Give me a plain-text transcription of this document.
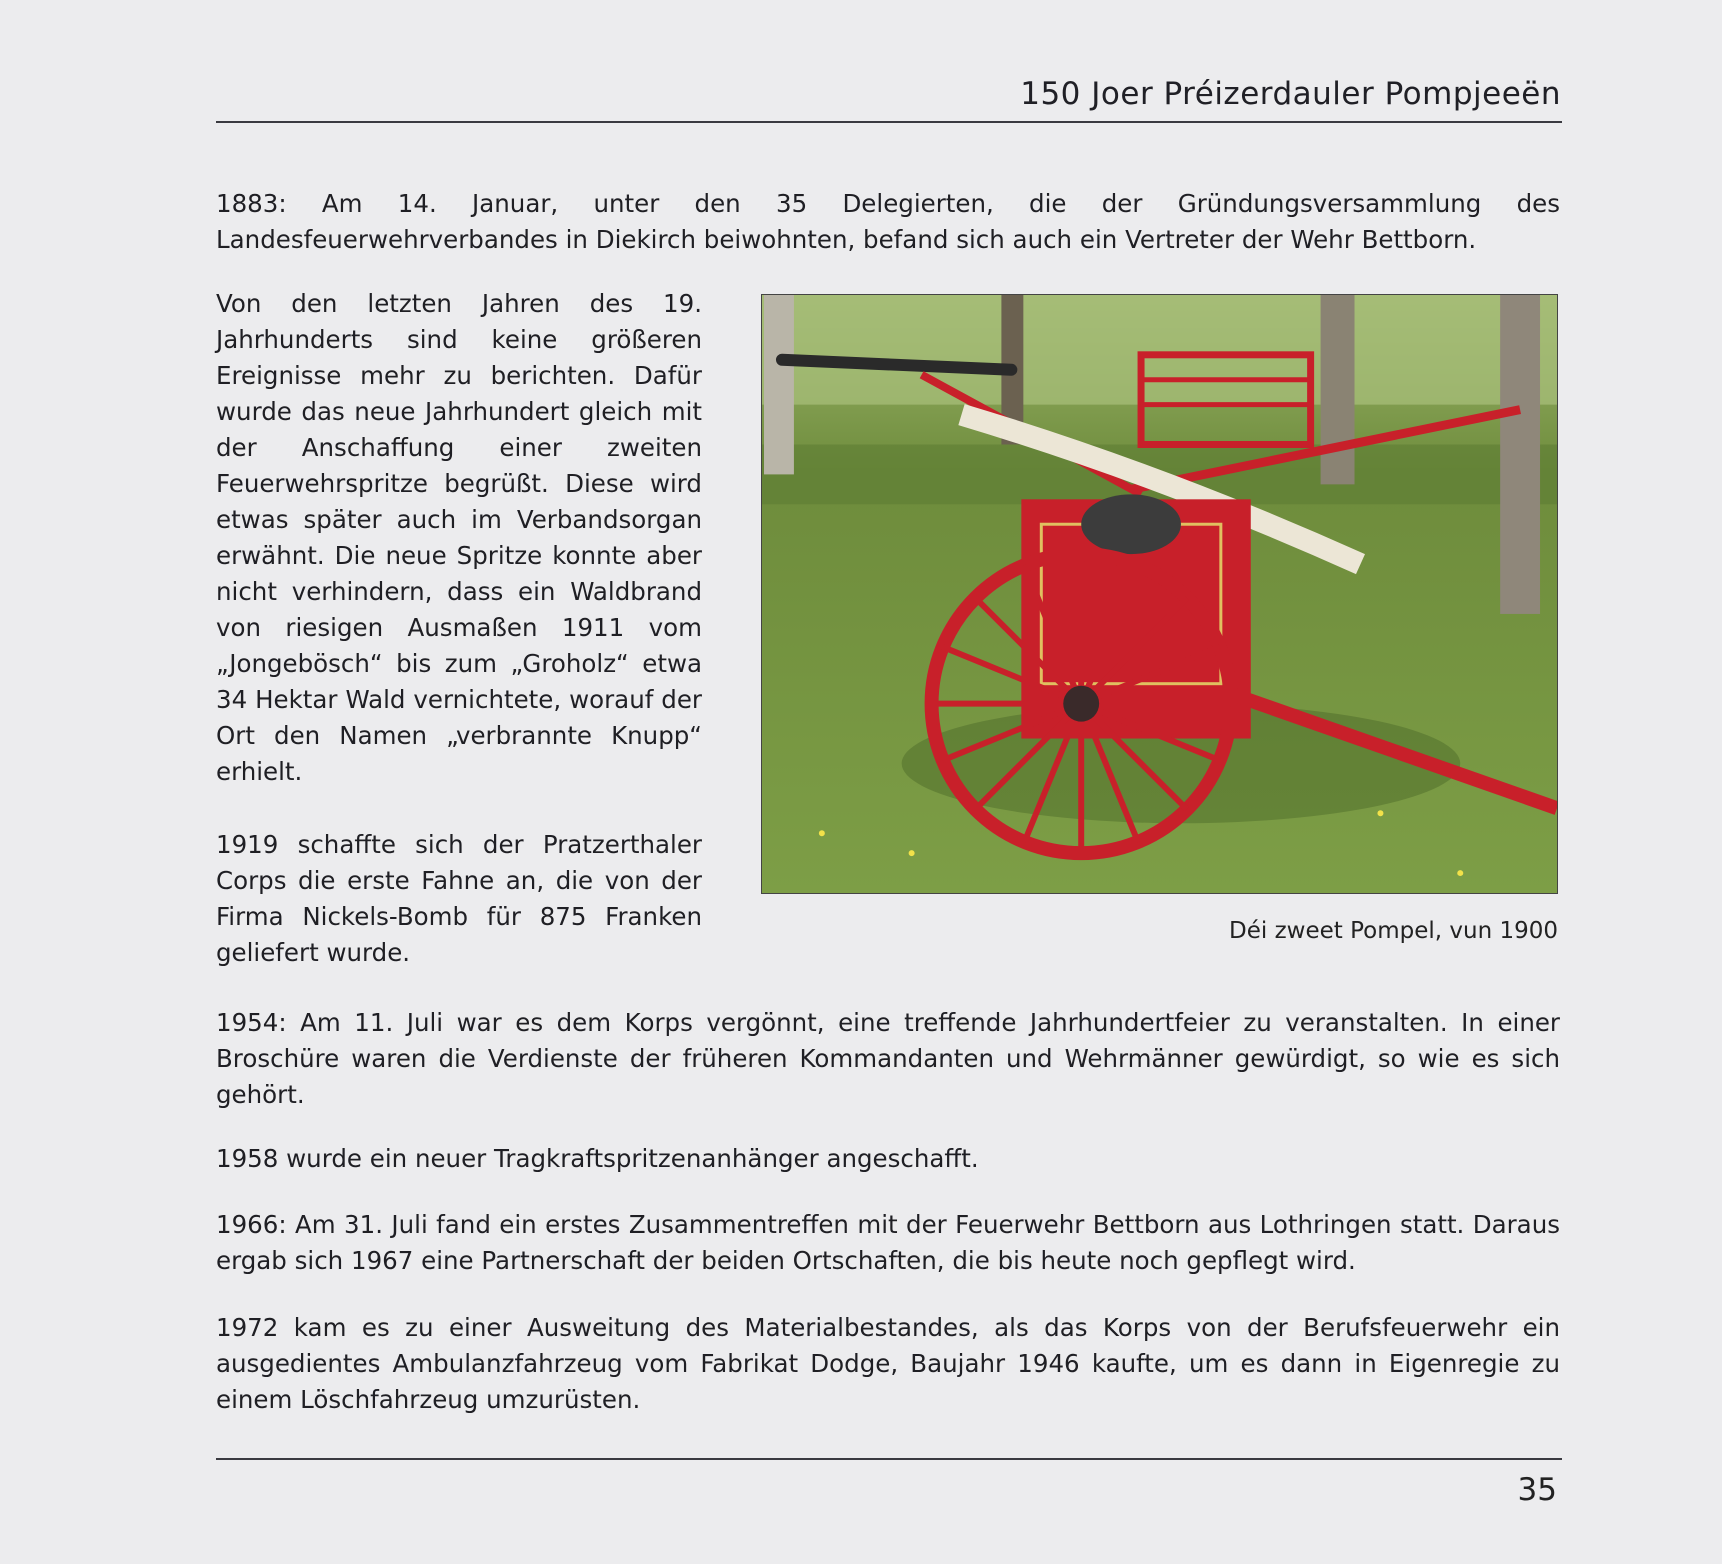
150 Joer Préizerdauler Pompjeeën

1883: Am 14. Januar, unter den 35 Delegierten, die der Gründungsversammlung des Landesfeuerwehrverbandes in Diekirch beiwohnten, befand sich auch ein Vertreter der Wehr Bettborn.

Von den letzten Jahren des 19. Jahrhunderts sind keine größeren Ereignisse mehr zu berichten. Dafür wurde das neue Jahrhundert gleich mit der Anschaffung einer zweiten Feuerwehrspritze begrüßt. Diese wird etwas später auch im Verbandsorgan erwähnt. Die neue Spritze konnte aber nicht verhindern, dass ein Waldbrand von riesigen Ausmaßen 1911 vom „Jongebösch“ bis zum „Groholz“ etwa 34 Hektar Wald vernichtete, worauf der Ort den Namen „verbrannte Knupp“ erhielt.

1919 schaffte sich der Pratzerthaler Corps die erste Fahne an, die von der Firma Nickels-Bomb für 875 Franken geliefert wurde.

Déi zweet Pompel, vun 1900

1954: Am 11. Juli war es dem Korps vergönnt, eine treffende Jahrhundertfeier zu veranstalten. In einer Broschüre waren die Verdienste der früheren Kommandanten und Wehrmänner gewürdigt, so wie es sich gehört.

1958 wurde ein neuer Tragkraftspritzenanhänger angeschafft.

1966: Am 31. Juli fand ein erstes Zusammentreffen mit der Feuerwehr Bettborn aus Lothringen statt. Daraus ergab sich 1967 eine Partnerschaft der beiden Ortschaften, die bis heute noch gepflegt wird.

1972 kam es zu einer Ausweitung des Materialbestandes, als das Korps von der Berufsfeuerwehr ein ausgedientes Ambulanzfahrzeug vom Fabrikat Dodge, Baujahr 1946 kaufte, um es dann in Eigenregie zu einem Löschfahrzeug umzurüsten.

35
